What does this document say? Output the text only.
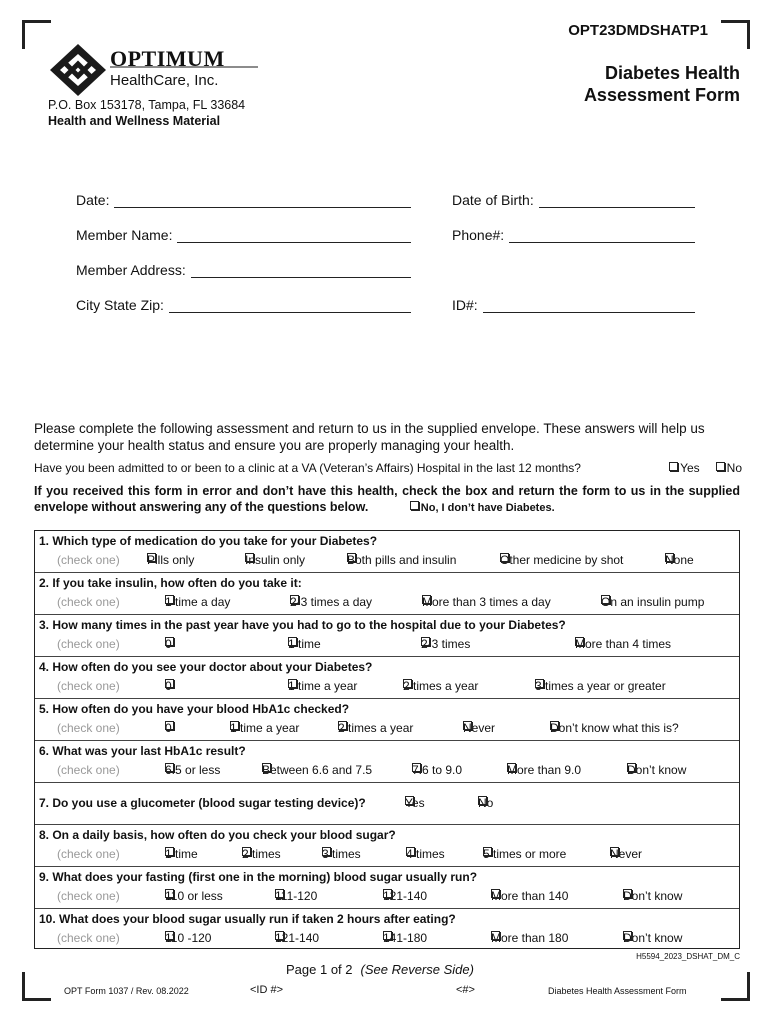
OPT23DMDSHATP1
Diabetes Health
Assessment Form
OPTIMUM
HealthCare, Inc.
P.O. Box 153178, Tampa, FL 33684
Health and Wellness Material
Date:	Date of Birth:
Member Name:	Phone#:
Member Address:
City State Zip:	ID#:
Please complete the following assessment and return to us in the supplied envelope. These answers will help us determine your health status and ensure you are properly managing your health.
Have you been admitted to or been to a clinic at a VA (Veteran’s Affairs) Hospital in the last 12 months?	Yes	No
If you received this form in error and don’t have this health, check the box and return the form to us in the supplied envelope without answering any of the questions below.	No, I don’t have Diabetes.
1. Which type of medication do you take for your Diabetes?
(check one) Pills only	Insulin only	Both pills and insulin	Other medicine by shot	None
2. If you take insulin, how often do you take it:
(check one)	1 time a day	2-3 times a day	More than 3 times a day	On an insulin pump
3. How many times in the past year have you had to go to the hospital due to your Diabetes?
(check one)	0	1 time	2-3 times	More than 4 times
4. How often do you see your doctor about your Diabetes?
(check one)	0	1 time a year	2 times a year	3 times a year or greater
5. How often do you have your blood HbA1c checked?
(check one)	0	1 time a year	2 times a year	Never	Don’t know what this is?
6. What was your last HbA1c result?
(check one)	6.5 or less	Between 6.6 and 7.5	7.6 to 9.0	More than 9.0	Don’t know
7. Do you use a glucometer (blood sugar testing device)?	Yes	No
8. On a daily basis, how often do you check your blood sugar?
(check one)	1 time	2 times	3 times	4 times	5 times or more	Never
9. What does your fasting (first one in the morning) blood sugar usually run?
(check one)	110 or less	111-120	121-140	More than 140	Don’t know
10. What does your blood sugar usually run if taken 2 hours after eating?
(check one)	110 -120	121-140	141-180	More than 180	Don’t know
H5594_2023_DSHAT_DM_C
Page 1 of 2 (See Reverse Side)
OPT Form 1037 / Rev. 08.2022	<ID #>	<#>	Diabetes Health Assessment Form
